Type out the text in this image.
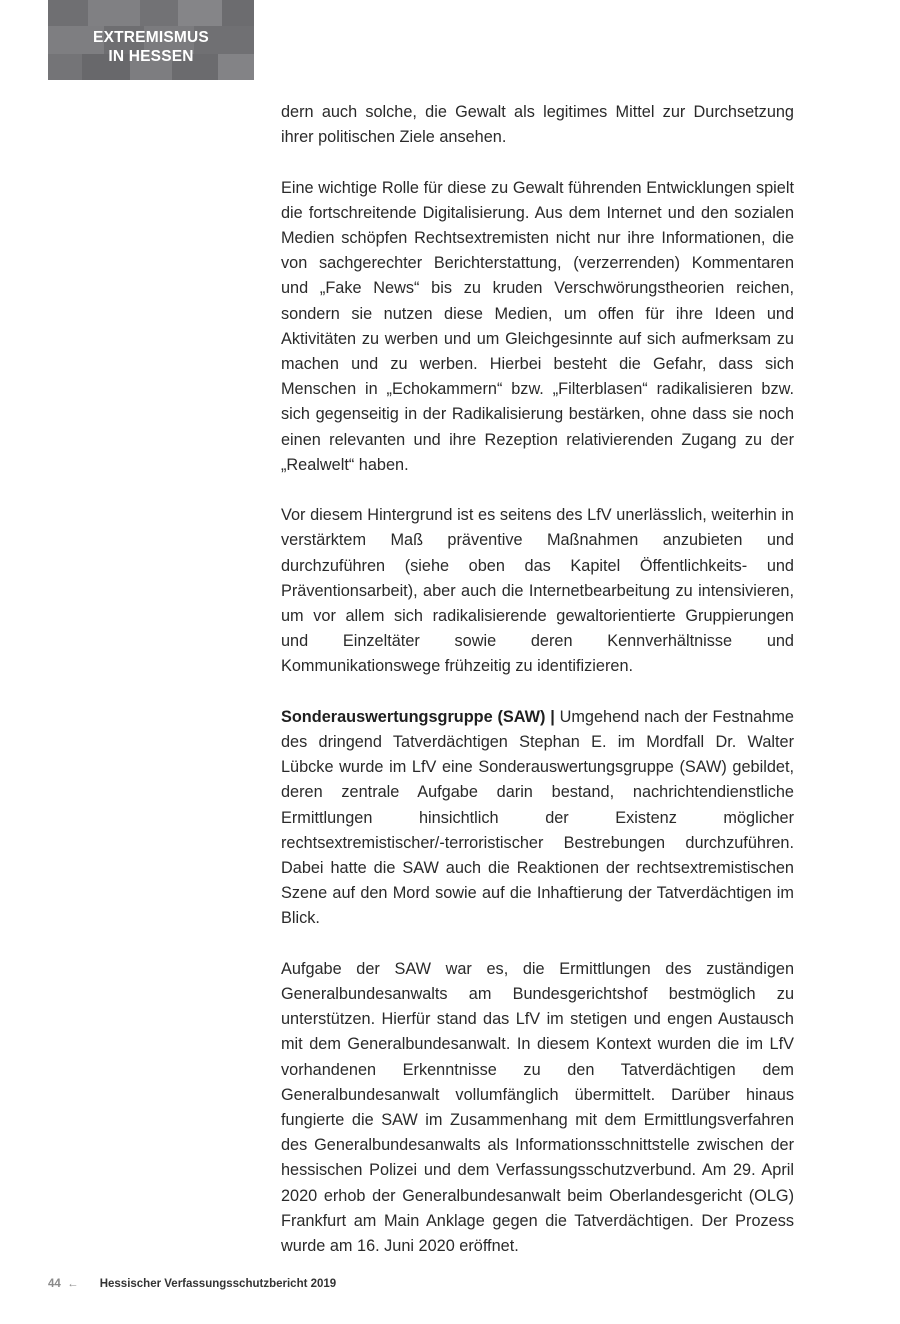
EXTREMISMUS
IN HESSEN

dern auch solche, die Gewalt als legitimes Mittel zur Durchsetzung ihrer politischen Ziele ansehen.

Eine wichtige Rolle für diese zu Gewalt führenden Entwicklungen spielt die fortschreitende Digitalisierung. Aus dem Internet und den sozialen Medien schöpfen Rechtsextremisten nicht nur ihre Informationen, die von sachgerechter Berichterstattung, (verzerrenden) Kommentaren und „Fake News“ bis zu kruden Verschwörungstheorien reichen, sondern sie nutzen diese Medien, um offen für ihre Ideen und Aktivitäten zu werben und um Gleichgesinnte auf sich aufmerksam zu machen und zu werben. Hierbei besteht die Gefahr, dass sich Menschen in „Echokammern“ bzw. „Filterblasen“ radikalisieren bzw. sich gegenseitig in der Radikalisierung bestärken, ohne dass sie noch einen relevanten und ihre Rezeption relativierenden Zugang zu der „Realwelt“ haben.

Vor diesem Hintergrund ist es seitens des LfV unerlässlich, weiterhin in verstärktem Maß präventive Maßnahmen anzubieten und durchzuführen (siehe oben das Kapitel Öffentlichkeits- und Präventionsarbeit), aber auch die Internetbearbeitung zu intensivieren, um vor allem sich radikalisierende gewaltorientierte Gruppierungen und Einzeltäter sowie deren Kennverhältnisse und Kommunikationswege frühzeitig zu identifizieren.

Sonderauswertungsgruppe (SAW) | Umgehend nach der Festnahme des dringend Tatverdächtigen Stephan E. im Mordfall Dr. Walter Lübcke wurde im LfV eine Sonderauswertungsgruppe (SAW) gebildet, deren zentrale Aufgabe darin bestand, nachrichtendienstliche Ermittlungen hinsichtlich der Existenz möglicher rechtsextremistischer/-terroristischer Bestrebungen durchzuführen. Dabei hatte die SAW auch die Reaktionen der rechtsextremistischen Szene auf den Mord sowie auf die Inhaftierung der Tatverdächtigen im Blick.

Aufgabe der SAW war es, die Ermittlungen des zuständigen Generalbundesanwalts am Bundesgerichtshof bestmöglich zu unterstützen. Hierfür stand das LfV im stetigen und engen Austausch mit dem Generalbundesanwalt. In diesem Kontext wurden die im LfV vorhandenen Erkenntnisse zu den Tatverdächtigen dem Generalbundesanwalt vollumfänglich übermittelt. Darüber hinaus fungierte die SAW im Zusammenhang mit dem Ermittlungsverfahren des Generalbundesanwalts als Informationsschnittstelle zwischen der hessischen Polizei und dem Verfassungsschutzverbund. Am 29. April 2020 erhob der Generalbundesanwalt beim Oberlandesgericht (OLG) Frankfurt am Main Anklage gegen die Tatverdächtigen. Der Prozess wurde am 16. Juni 2020 eröffnet.

44 ← Hessischer Verfassungsschutzbericht 2019
